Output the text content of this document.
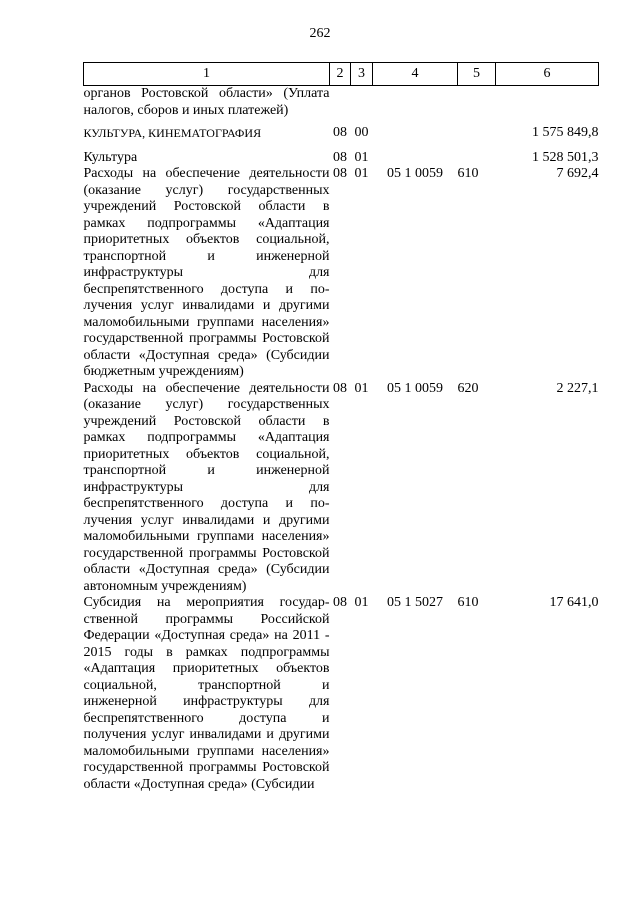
262
1	2	3	4	5	6
органов Ростовской области» (Уплата налогов, сборов и иных платежей)					
КУЛЬТУРА, КИНЕМАТОГРАФИЯ	08	00			1 575 849,8
Культура	08	01			1 528 501,3
Расходы на обеспечение деятельности (оказание услуг) государственных учреждений Ростовской области в рамках подпрограммы «Адаптация приоритетных объектов социальной, транспортной и инженерной инфраструктуры для беспрепятственного доступа и получения услуг инвалидами и другими маломобильными группами населения» государственной программы Ростовской области «Доступная среда» (Субсидии бюджетным учреждениям)	08	01	05 1 0059	610	7 692,4
Расходы на обеспечение деятельности (оказание услуг) государственных учреждений Ростовской области в рамках подпрограммы «Адаптация приоритетных объектов социальной, транспортной и инженерной инфраструктуры для беспрепятственного доступа и получения услуг инвалидами и другими маломобильными группами населения» государственной программы Ростовской области «Доступная среда» (Субсидии автономным учреждениям)	08	01	05 1 0059	620	2 227,1
Субсидия на мероприятия государственной программы Российской Федерации «Доступная среда» на 2011 - 2015 годы в рамках подпрограммы «Адаптация приоритетных объектов социальной, транспортной и инженерной инфраструктуры для беспрепятственного доступа и получения услуг инвалидами и другими маломобильными группами населения» государственной программы Ростовской области «Доступная среда» (Субсидии	08	01	05 1 5027	610	17 641,0
